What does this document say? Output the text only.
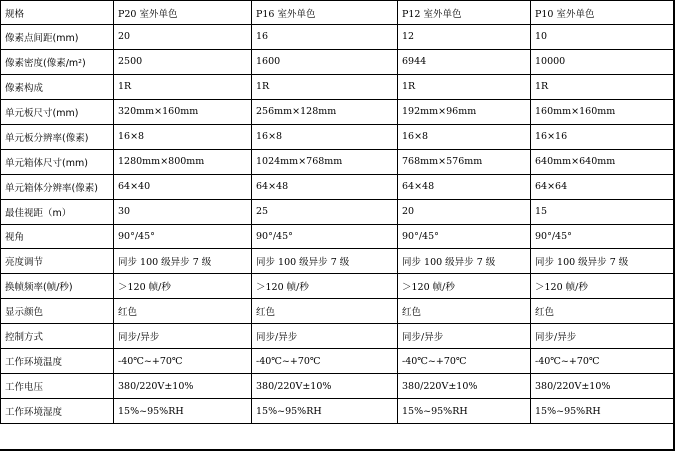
规格	P20 室外单色	P16 室外单色	P12 室外单色	P10 室外单色
像素点间距(mm)	20	16	12	10
像素密度(像素/m²)	2500	1600	6944	10000
像素构成	1R	1R	1R	1R
单元板尺寸(mm)	320mm×160mm	256mm×128mm	192mm×96mm	160mm×160mm
单元板分辨率(像素)	16×8	16×8	16×8	16×16
单元箱体尺寸(mm)	1280mm×800mm	1024mm×768mm	768mm×576mm	640mm×640mm
单元箱体分辨率(像素)	64×40	64×48	64×48	64×64
最佳视距（m）	30	25	20	15
视角	90°/45°	90°/45°	90°/45°	90°/45°
亮度调节	同步 100 级异步 7 级	同步 100 级异步 7 级	同步 100 级异步 7 级	同步 100 级异步 7 级
换帧频率(帧/秒)	＞120 帧/秒	＞120 帧/秒	＞120 帧/秒	＞120 帧/秒
显示颜色	红色	红色	红色	红色
控制方式	同步/异步	同步/异步	同步/异步	同步/异步
工作环境温度	-40℃~+70℃	-40℃~+70℃	-40℃~+70℃	-40℃~+70℃
工作电压	380/220V±10%	380/220V±10%	380/220V±10%	380/220V±10%
工作环境湿度	15%~95%RH	15%~95%RH	15%~95%RH	15%~95%RH
